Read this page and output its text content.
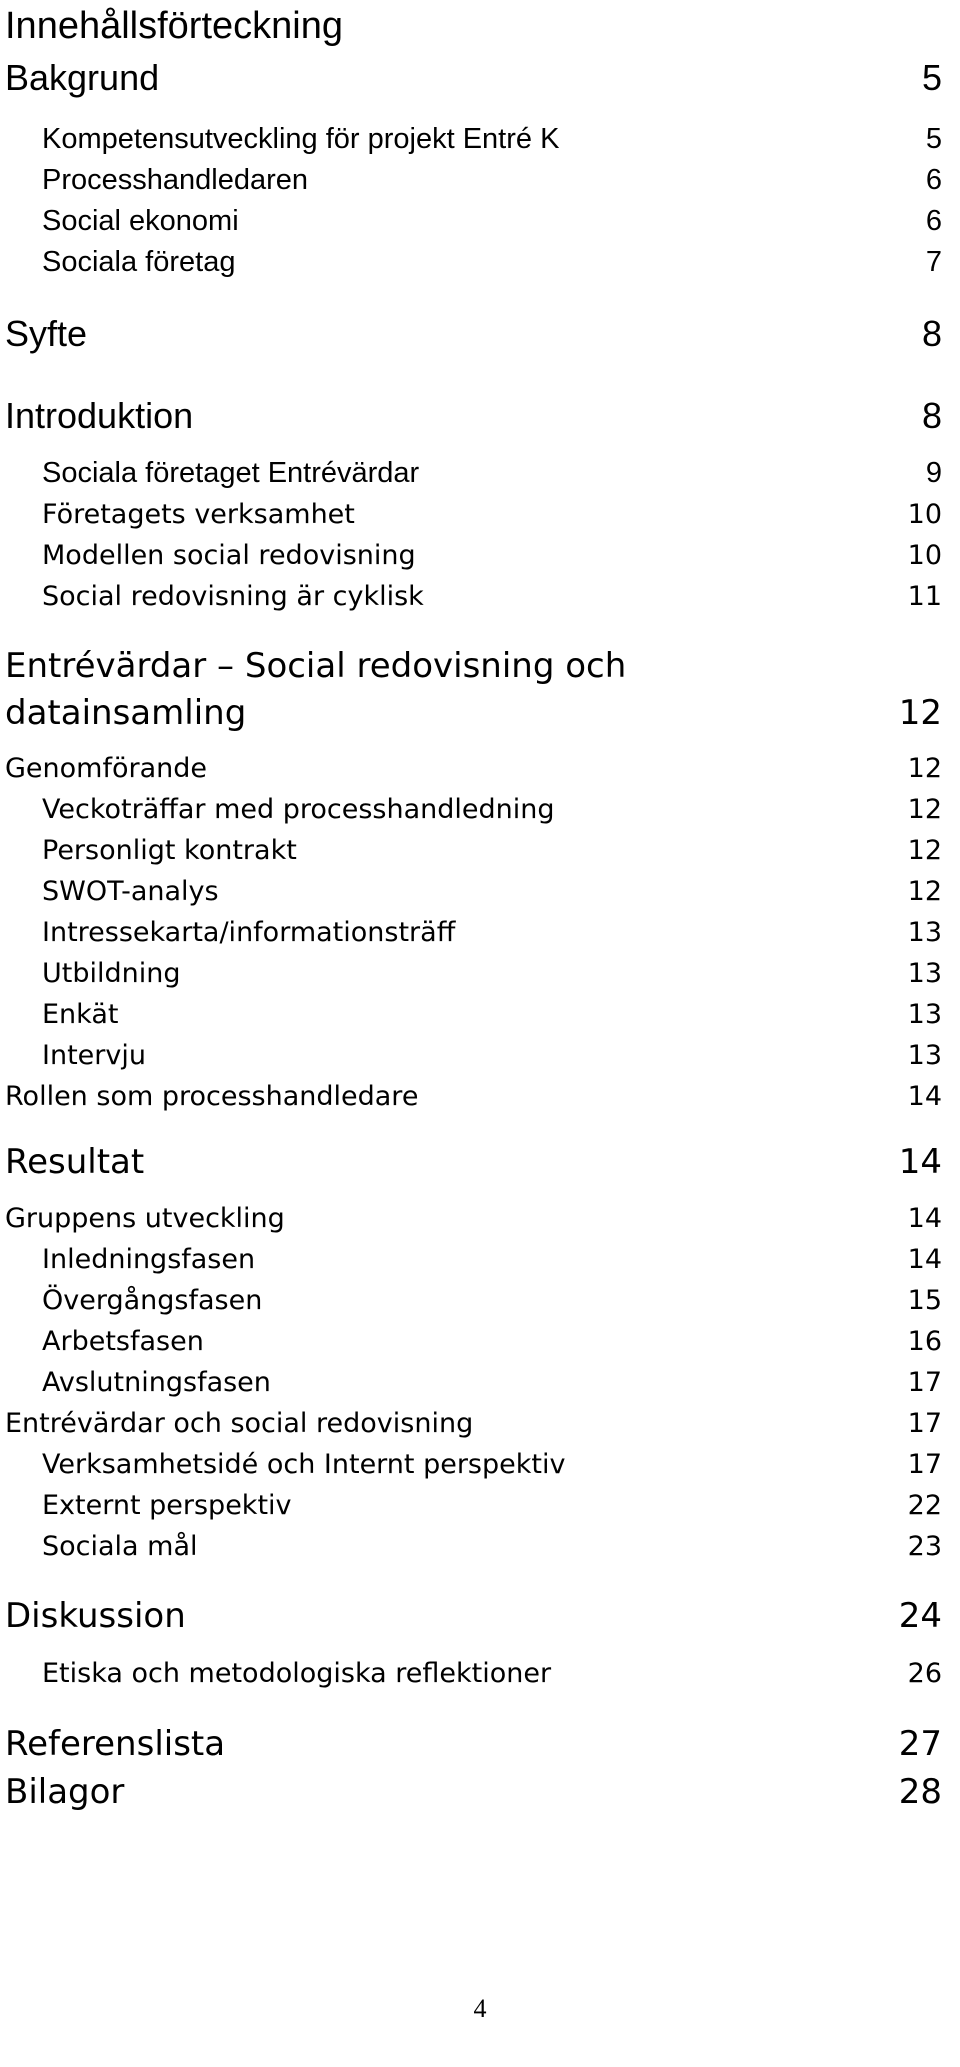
Innehållsförteckning
Bakgrund	5
Kompetensutveckling för projekt Entré K	5
Processhandledaren	6
Social ekonomi	6
Sociala företag	7
Syfte	8
Introduktion	8
Sociala företaget Entrévärdar	9
Företagets verksamhet	10
Modellen social redovisning	10
Social redovisning är cyklisk	11
Entrévärdar – Social redovisning och
datainsamling	12
Genomförande	12
Veckoträffar med processhandledning	12
Personligt kontrakt	12
SWOT-analys	12
Intressekarta/informationsträff	13
Utbildning	13
Enkät	13
Intervju	13
Rollen som processhandledare	14
Resultat	14
Gruppens utveckling	14
Inledningsfasen	14
Övergångsfasen	15
Arbetsfasen	16
Avslutningsfasen	17
Entrévärdar och social redovisning	17
Verksamhetsidé och Internt perspektiv	17
Externt perspektiv	22
Sociala mål	23
Diskussion	24
Etiska och metodologiska reflektioner	26
Referenslista	27
Bilagor	28
4
